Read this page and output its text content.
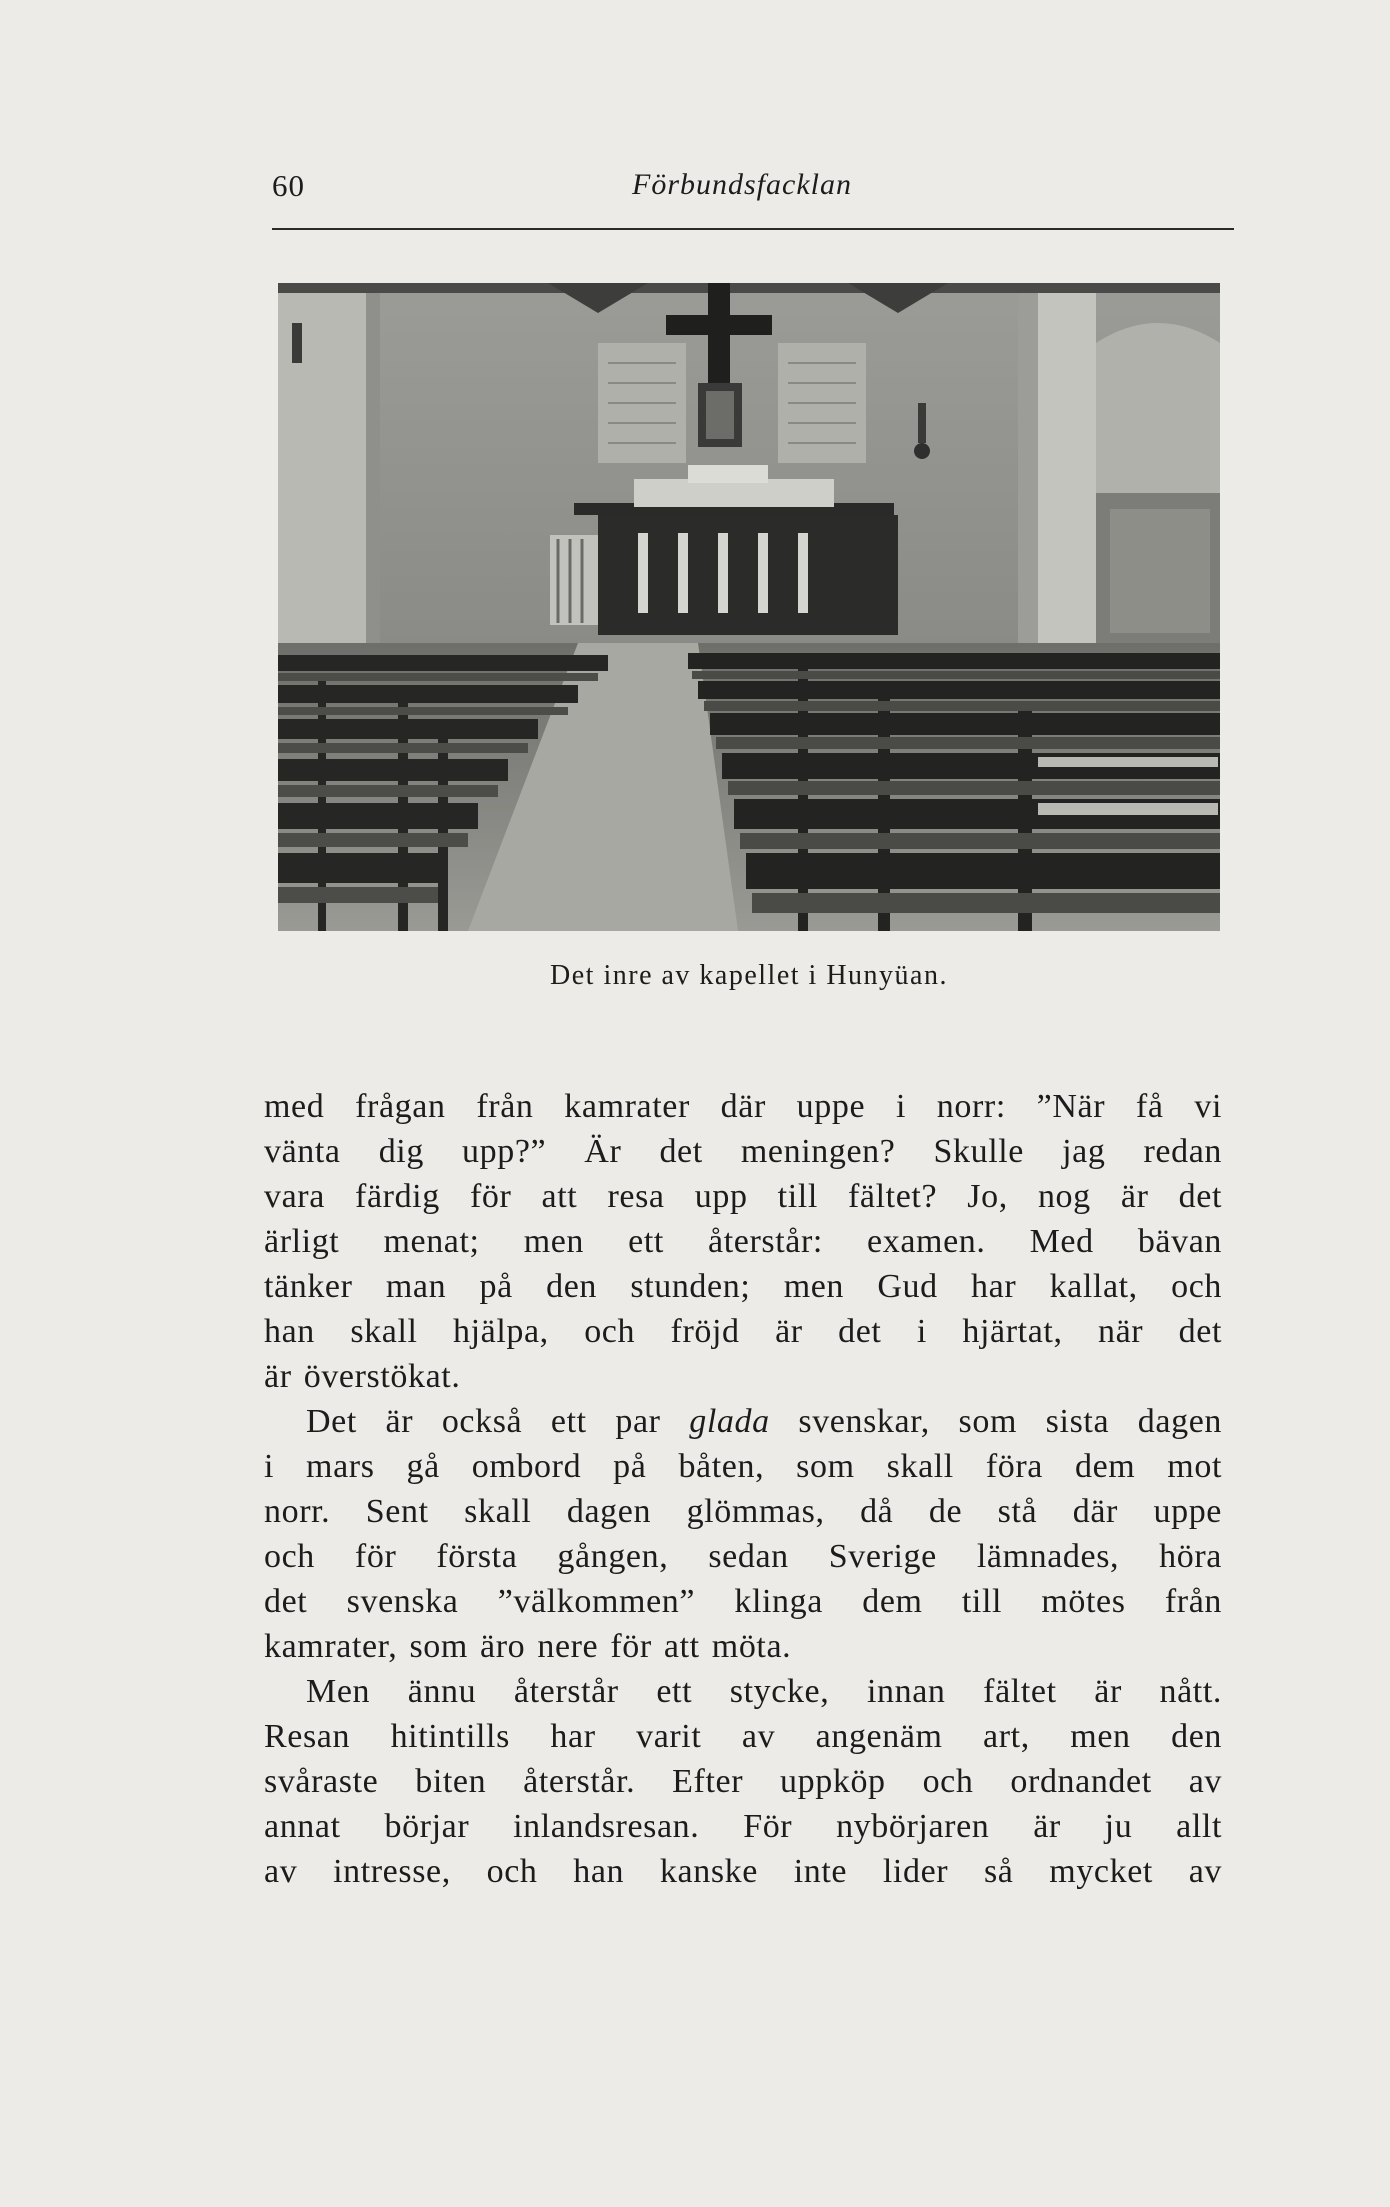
60	Förbundsfacklan
Det inre av kapellet i Hunyüan.

med frågan från kamrater där uppe i norr: ”När få vi
vänta dig upp?” Är det meningen? Skulle jag redan
vara färdig för att resa upp till fältet? Jo, nog är det
ärligt menat; men ett återstår: examen. Med bävan
tänker man på den stunden; men Gud har kallat, och
han skall hjälpa, och fröjd är det i hjärtat, när det
är överstökat.

Det är också ett par glada svenskar, som sista dagen
i mars gå ombord på båten, som skall föra dem mot
norr. Sent skall dagen glömmas, då de stå där uppe
och för första gången, sedan Sverige lämnades, höra
det svenska ”välkommen” klinga dem till mötes från
kamrater, som äro nere för att möta.

Men ännu återstår ett stycke, innan fältet är nått.
Resan hitintills har varit av angenäm art, men den
svåraste biten återstår. Efter uppköp och ordnandet av
annat börjar inlandsresan. För nybörjaren är ju allt
av intresse, och han kanske inte lider så mycket av
